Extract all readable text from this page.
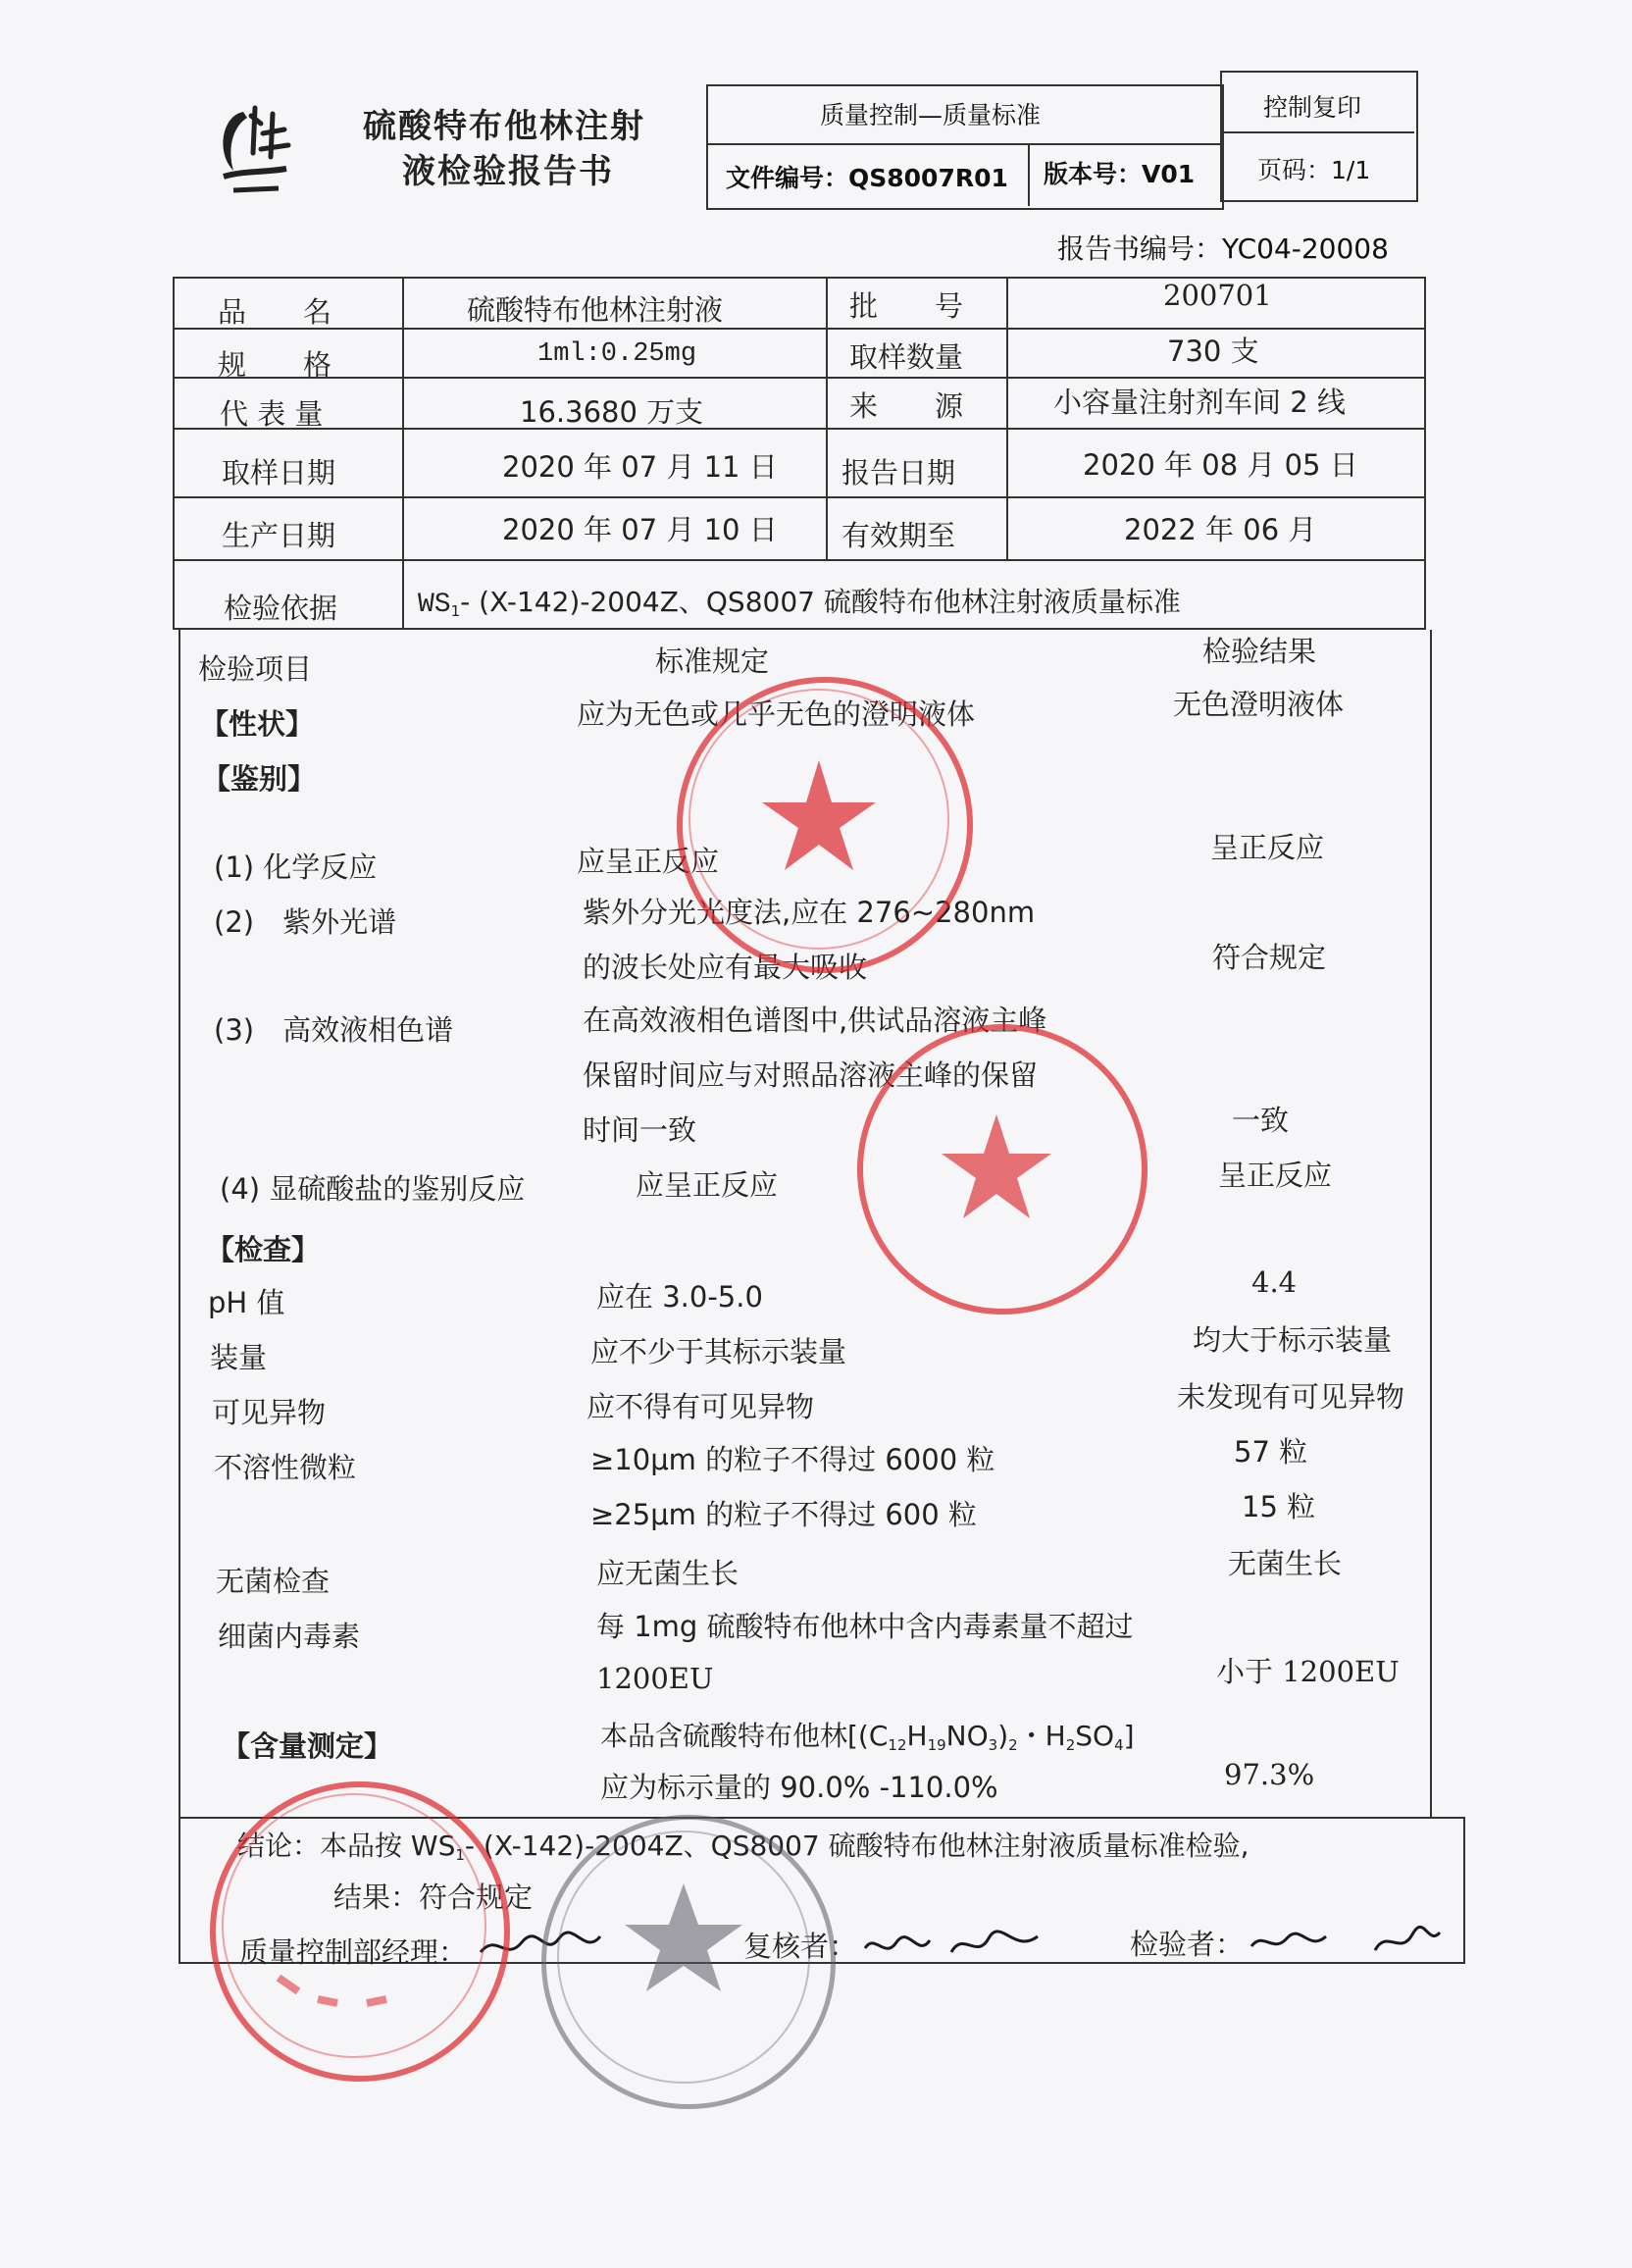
硫酸特布他林注射
液检验报告书
质量控制—质量标准	控制复印
文件编号：QS8007R01 版本号：V01	页码：1/1
报告书编号：YC04-20008
品　　名	硫酸特布他林注射液	批　　号	200701
规　　格	1ml:0.25mg	取样数量	730 支
代 表 量	16.3680 万支	来　　源	小容量注射剂车间 2 线
取样日期	2020 年 07 月 11 日 报告日期	2020 年 08 月 05 日
生产日期	2020 年 07 月 10 日 有效期至	2022 年 06 月
检验依据	$WS_1-$ (X-142)-2004Z、QS8007 硫酸特布他林注射液质量标准
检验项目	标准规定	检验结果
【性状】	应为无色或几乎无色的澄明液体	无色澄明液体
【鉴别】
(1) 化学反应	应呈正反应	呈正反应
(2)　紫外光谱	紫外分光光度法,应在 276~280nm
的波长处应有最大吸收	符合规定
(3)　高效液相色谱	在高效液相色谱图中,供试品溶液主峰
保留时间应与对照品溶液主峰的保留
时间一致	一致
(4) 显硫酸盐的鉴别反应	应呈正反应	呈正反应
【检查】
pH 值	应在 3.0-5.0	4.4
装量	应不少于其标示装量	均大于标示装量
可见异物	应不得有可见异物	未发现有可见异物
不溶性微粒	≥10μm 的粒子不得过 6000 粒	57 粒
≥25μm 的粒子不得过 600 粒	15 粒
无菌检查	应无菌生长	无菌生长
细菌内毒素	每 1mg 硫酸特布他林中含内毒素量不超过
1200EU	小于 1200EU
【含量测定】	本品含硫酸特布他林[$(C_{12}H_{19}NO_3)_2$・$H_2SO_4$]
应为标示量的 90.0% -110.0%	97.3%
结论：本品按 $WS_1-$ (X-142)-2004Z、QS8007 硫酸特布他林注射液质量标准检验,
结果：符合规定
质量控制部经理：	复核者：	检验者：
